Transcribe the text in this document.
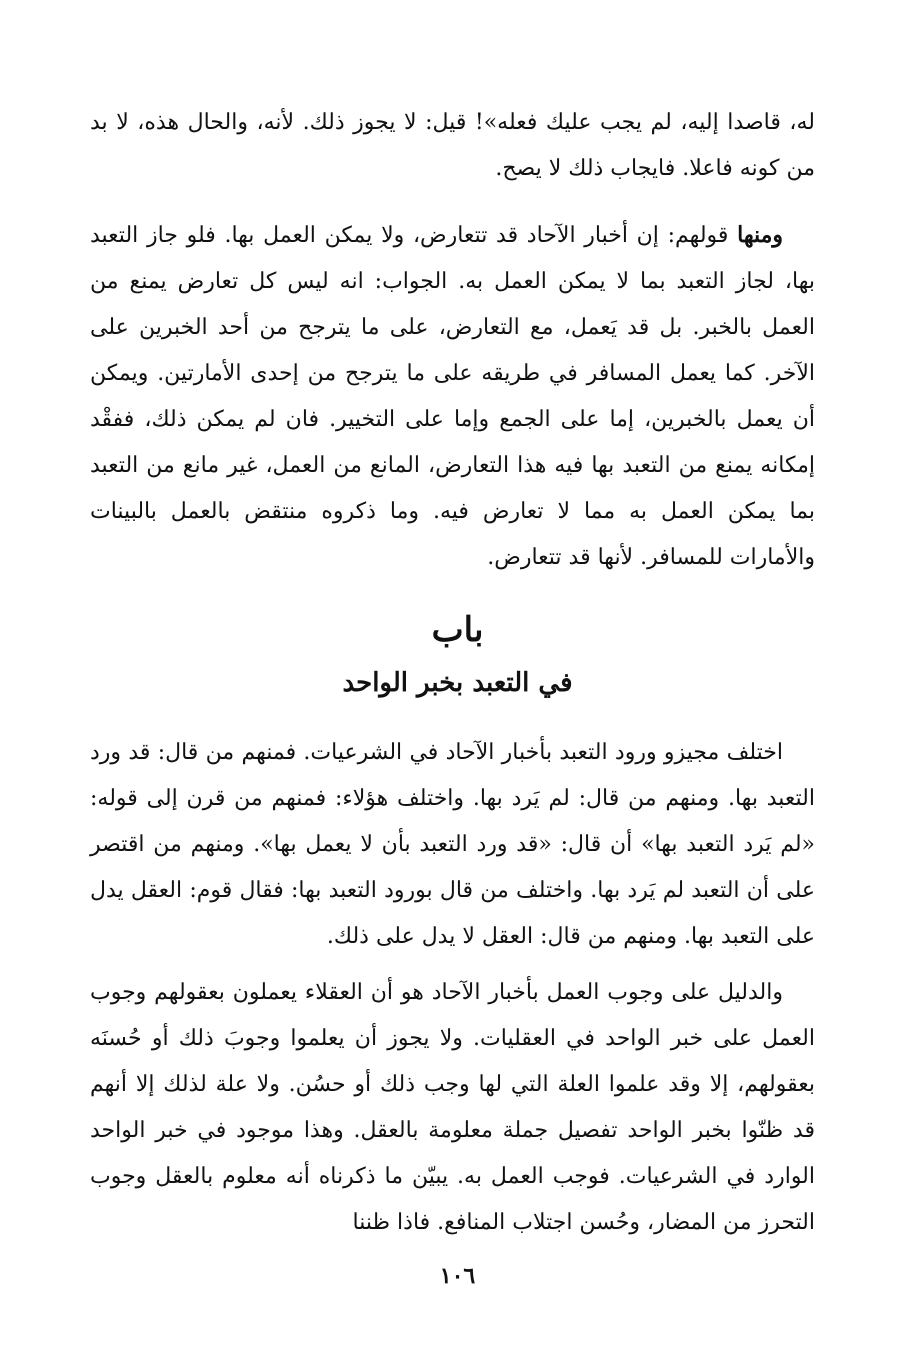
له، قاصدا إليه، لم يجب عليك فعله»! قيل: لا يجوز ذلك. لأنه، والحال هذه، لا بد من كونه فاعلا. فايجاب ذلك لا يصح.

ومنها قولهم: إن أخبار الآحاد قد تتعارض، ولا يمكن العمل بها. فلو جاز التعبد بها، لجاز التعبد بما لا يمكن العمل به. الجواب: انه ليس كل تعارض يمنع من العمل بالخبر. بل قد يَعمل، مع التعارض، على ما يترجح من أحد الخبرين على الآخر. كما يعمل المسافر في طريقه على ما يترجح من إحدى الأمارتين. ويمكن أن يعمل بالخبرين، إما على الجمع وإما على التخيير. فان لم يمكن ذلك، ففقْد إمكانه يمنع من التعبد بها فيه هذا التعارض، المانع من العمل، غير مانع من التعبد بما يمكن العمل به مما لا تعارض فيه. وما ذكروه منتقض بالعمل بالبينات والأمارات للمسافر. لأنها قد تتعارض.

باب
في التعبد بخبر الواحد

اختلف مجيزو ورود التعبد بأخبار الآحاد في الشرعيات. فمنهم من قال: قد ورد التعبد بها. ومنهم من قال: لم يَرد بها. واختلف هؤلاء: فمنهم من قرن إلى قوله: «لم يَرد التعبد بها» أن قال: «قد ورد التعبد بأن لا يعمل بها». ومنهم من اقتصر على أن التعبد لم يَرد بها. واختلف من قال بورود التعبد بها: فقال قوم: العقل يدل على التعبد بها. ومنهم من قال: العقل لا يدل على ذلك.

والدليل على وجوب العمل بأخبار الآحاد هو أن العقلاء يعملون بعقولهم وجوب العمل على خبر الواحد في العقليات. ولا يجوز أن يعلموا وجوبَ ذلك أو حُسنَه بعقولهم، إلا وقد علموا العلة التي لها وجب ذلك أو حسُن. ولا علة لذلك إلا أنهم قد ظنّوا بخبر الواحد تفصيل جملة معلومة بالعقل. وهذا موجود في خبر الواحد الوارد في الشرعيات. فوجب العمل به. يبيّن ما ذكرناه أنه معلوم بالعقل وجوب التحرز من المضار، وحُسن اجتلاب المنافع. فاذا ظننا

١٠٦
